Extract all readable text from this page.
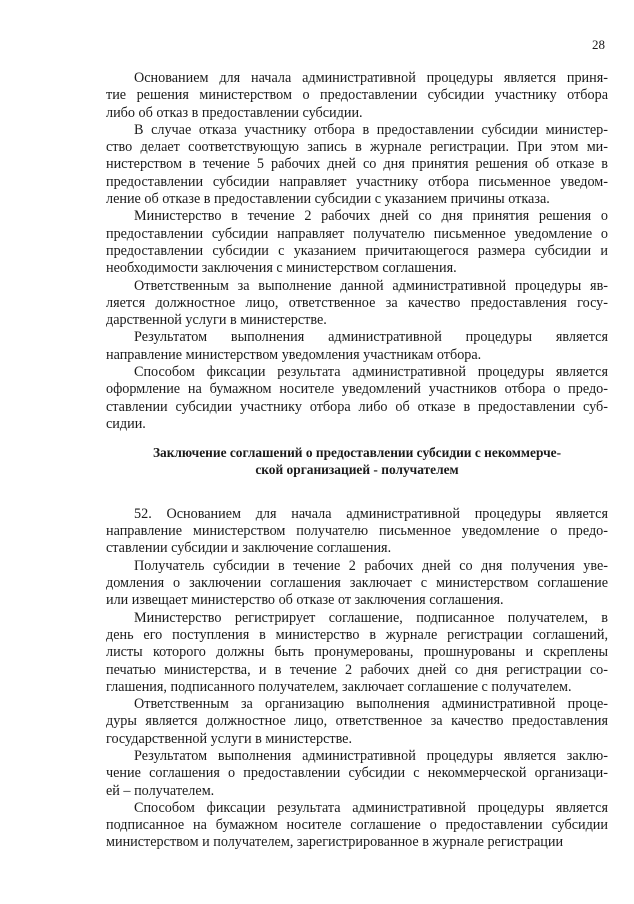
28

Основанием для начала административной процедуры является приня-
тие решения министерством о предоставлении субсидии участнику отбора
либо об отказ в предоставлении субсидии.

В случае отказа участнику отбора в предоставлении субсидии министер-
ство делает соответствующую запись в журнале регистрации. При этом ми-
нистерством в течение 5 рабочих дней со дня принятия решения об отказе в
предоставлении субсидии направляет участнику отбора письменное уведом-
ление об отказе в предоставлении субсидии с указанием причины отказа.

Министерство в течение 2 рабочих дней со дня принятия решения о
предоставлении субсидии направляет получателю письменное уведомление о
предоставлении субсидии с указанием причитающегося размера субсидии и
необходимости заключения с министерством соглашения.

Ответственным за выполнение данной административной процедуры яв-
ляется должностное лицо, ответственное за качество предоставления госу-
дарственной услуги в министерстве.

Результатом выполнения административной процедуры является
направление министерством уведомления участникам отбора.

Способом фиксации результата административной процедуры является
оформление на бумажном носителе уведомлений участников отбора о предо-
ставлении субсидии участнику отбора либо об отказе в предоставлении суб-
сидии.

Заключение соглашений о предоставлении субсидии с некоммерче-
ской организацией - получателем

52. Основанием для начала административной процедуры является
направление министерством получателю письменное уведомление о предо-
ставлении субсидии и заключение соглашения.

Получатель субсидии в течение 2 рабочих дней со дня получения уве-
домления о заключении соглашения заключает с министерством соглашение
или извещает министерство об отказе от заключения соглашения.

Министерство регистрирует соглашение, подписанное получателем, в
день его поступления в министерство в журнале регистрации соглашений,
листы которого должны быть пронумерованы, прошнурованы и скреплены
печатью министерства, и в течение 2 рабочих дней со дня регистрации со-
глашения, подписанного получателем, заключает соглашение с получателем.

Ответственным за организацию выполнения административной проце-
дуры является должностное лицо, ответственное за качество предоставления
государственной услуги в министерстве.

Результатом выполнения административной процедуры является заклю-
чение соглашения о предоставлении субсидии с некоммерческой организаци-
ей – получателем.

Способом фиксации результата административной процедуры является
подписанное на бумажном носителе соглашение о предоставлении субсидии
министерством и получателем, зарегистрированное в журнале регистрации
